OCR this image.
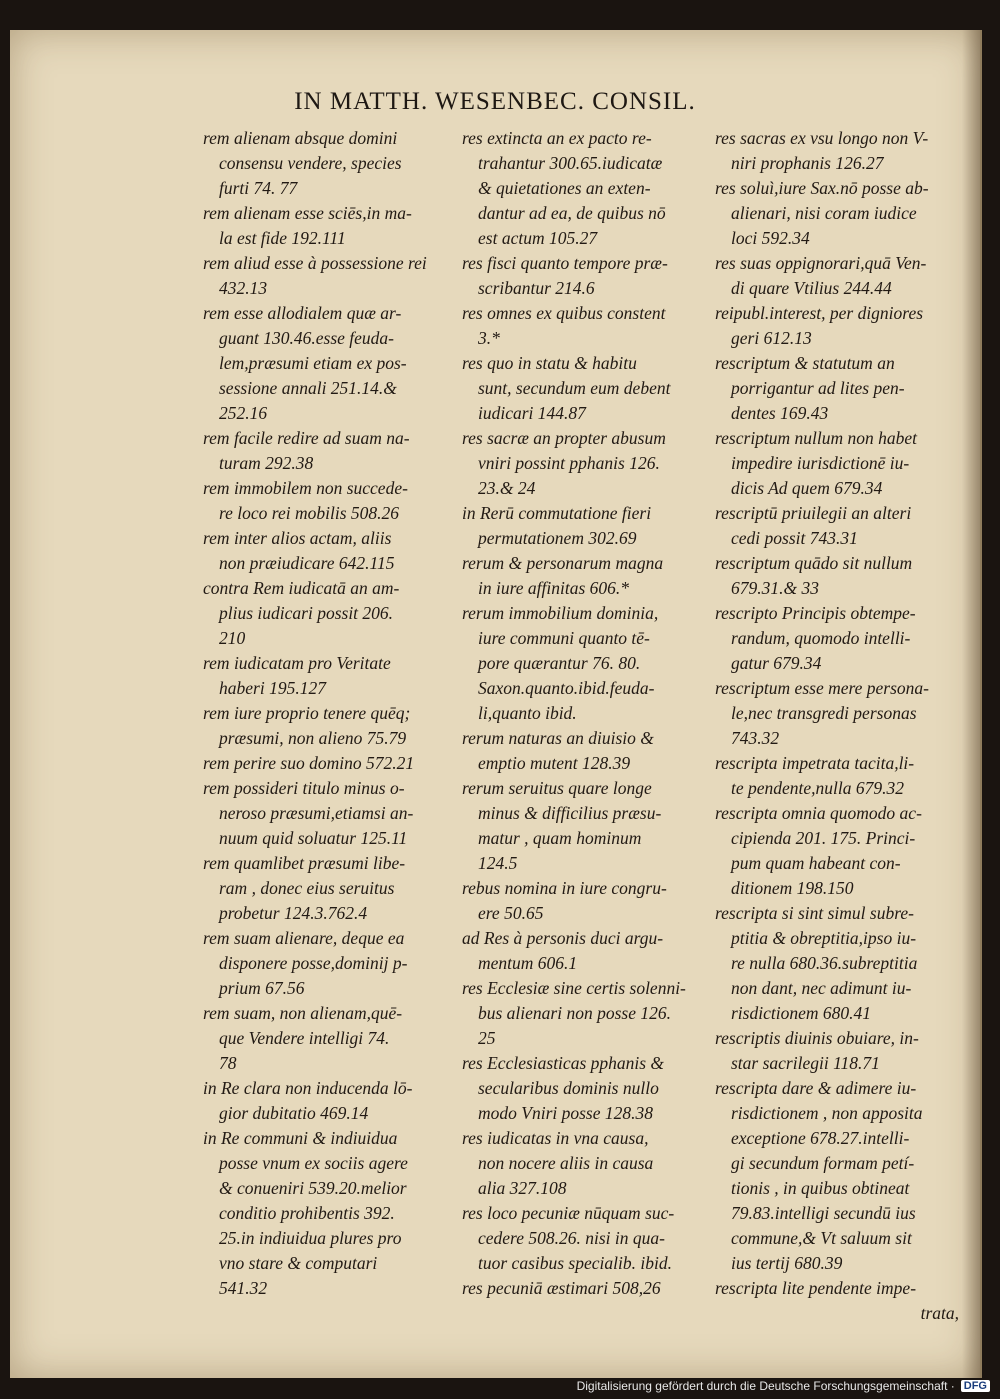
IN MATTH. WESENBEC. CONSIL.
rem alienam absque domini
consensu vendere, species
furti 74. 77
rem alienam esse sciēs,in ma-
la est fide 192.111
rem aliud esse à possessione rei
432.13
rem esse allodialem quæ ar-
guant 130.46.esse feuda-
lem,præsumi etiam ex pos-
sessione annali 251.14.&
252.16
rem facile redire ad suam na-
turam 292.38
rem immobilem non succede-
re loco rei mobilis 508.26
rem inter alios actam, aliis
non præiudicare 642.115
contra Rem iudicatā an am-
plius iudicari possit 206.
210
rem iudicatam pro Veritate
haberi 195.127
rem iure proprio tenere quēq;
præsumi, non alieno 75.79
rem perire suo domino 572.21
rem possideri titulo minus o-
neroso præsumi,etiamsi an-
nuum quid soluatur 125.11
rem quamlibet præsumi libe-
ram , donec eius seruitus
probetur 124.3.762.4
rem suam alienare, deque ea
disponere posse,dominij p-
prium 67.56
rem suam, non alienam,quē-
que Vendere intelligi 74.
78
in Re clara non inducenda lō-
gior dubitatio 469.14
in Re communi & indiuidua
posse vnum ex sociis agere
& conueniri 539.20.melior
conditio prohibentis 392.
25.in indiuidua plures pro
vno stare & computari
541.32
res extincta an ex pacto re-
trahantur 300.65.iudicatæ
& quietationes an exten-
dantur ad ea, de quibus nō
est actum 105.27
res fisci quanto tempore præ-
scribantur 214.6
res omnes ex quibus constent
3.*
res quo in statu & habitu
sunt, secundum eum debent
iudicari 144.87
res sacræ an propter abusum
vniri possint pphanis 126.
23.& 24
in Rerū commutatione fieri
permutationem 302.69
rerum & personarum magna
in iure affinitas 606.*
rerum immobilium dominia,
iure communi quanto tē-
pore quærantur 76. 80.
Saxon.quanto.ibid.feuda-
li,quanto ibid.
rerum naturas an diuisio &
emptio mutent 128.39
rerum seruitus quare longe
minus & difficilius præsu-
matur , quam hominum
124.5
rebus nomina in iure congru-
ere 50.65
ad Res à personis duci argu-
mentum 606.1
res Ecclesiæ sine certis solenni-
bus alienari non posse 126.
25
res Ecclesiasticas pphanis &
secularibus dominis nullo
modo Vniri posse 128.38
res iudicatas in vna causa,
non nocere aliis in causa
alia 327.108
res loco pecuniæ nūquam suc-
cedere 508.26. nisi in qua-
tuor casibus specialib. ibid.
res pecuniā æstimari 508,26
res sacras ex vsu longo non V-
niri prophanis 126.27
res soluì,iure Sax.nō posse ab-
alienari, nisi coram iudice
loci 592.34
res suas oppignorari,quā Ven-
di quare Vtilius 244.44
reipubl.interest, per digniores
geri 612.13
rescriptum & statutum an
porrigantur ad lites pen-
dentes 169.43
rescriptum nullum non habet
impedire iurisdictionē iu-
dicis Ad quem 679.34
rescriptū priuilegii an alteri
cedi possit 743.31
rescriptum quādo sit nullum
679.31.& 33
rescripto Principis obtempe-
randum, quomodo intelli-
gatur 679.34
rescriptum esse mere persona-
le,nec transgredi personas
743.32
rescripta impetrata tacita,li-
te pendente,nulla 679.32
rescripta omnia quomodo ac-
cipienda 201. 175. Princi-
pum quam habeant con-
ditionem 198.150
rescripta si sint simul subre-
ptitia & obreptitia,ipso iu-
re nulla 680.36.subreptitia
non dant, nec adimunt iu-
risdictionem 680.41
rescriptis diuinis obuiare, in-
star sacrilegii 118.71
rescripta dare & adimere iu-
risdictionem , non apposita
exceptione 678.27.intelli-
gi secundum formam petí-
tionis , in quibus obtineat
79.83.intelligi secundū ius
commune,& Vt saluum sit
ius tertij 680.39
rescripta lite pendente impe-
trata,
Digitalisierung gefördert durch die Deutsche Forschungsgemeinschaft · DFG
